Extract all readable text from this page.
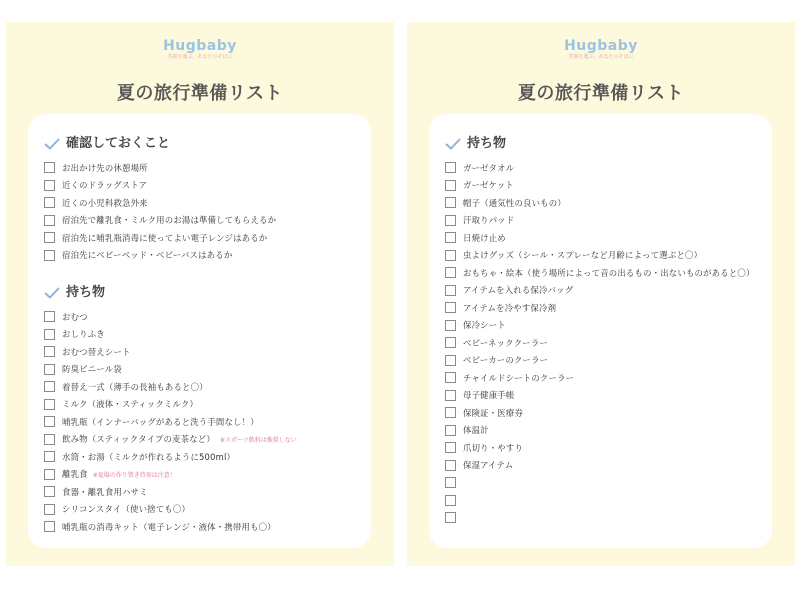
Hugbaby
笑顔を運ぶ、あなたのそばに
夏の旅行準備リスト
確認しておくこと
お出かけ先の休憩場所
近くのドラッグストア
近くの小児科救急外来
宿泊先で離乳食・ミルク用のお湯は準備してもらえるか
宿泊先に哺乳瓶消毒に使ってよい電子レンジはあるか
宿泊先にベビーベッド・ベビーバスはあるか
持ち物
おむつ
おしりふき
おむつ替えシート
防臭ビニール袋
着替え一式（薄手の長袖もあると〇）
ミルク（液体・スティックミルク）
哺乳瓶（インナーバッグがあると洗う手間なし！）
飲み物（スティックタイプの麦茶など） ※スポーツ飲料は推奨しない
水筒・お湯（ミルクが作れるように500ml）
離乳食 ※夏場の作り置き持参は注意！
食器・離乳食用ハサミ
シリコンスタイ（使い捨ても〇）
哺乳瓶の消毒キット（電子レンジ・液体・携帯用も〇）
Hugbaby
笑顔を運ぶ、あなたのそばに
夏の旅行準備リスト
持ち物
ガーゼタオル
ガーゼケット
帽子（通気性の良いもの）
汗取りパッド
日焼け止め
虫よけグッズ（シール・スプレーなど月齢によって選ぶと〇）
おもちゃ・絵本（使う場所によって音の出るもの・出ないものがあると〇）
アイテムを入れる保冷バッグ
アイテムを冷やす保冷剤
保冷シート
ベビーネッククーラー
ベビーカーのクーラー
チャイルドシートのクーラー
母子健康手帳
保険証・医療券
体温計
爪切り・やすり
保湿アイテム
